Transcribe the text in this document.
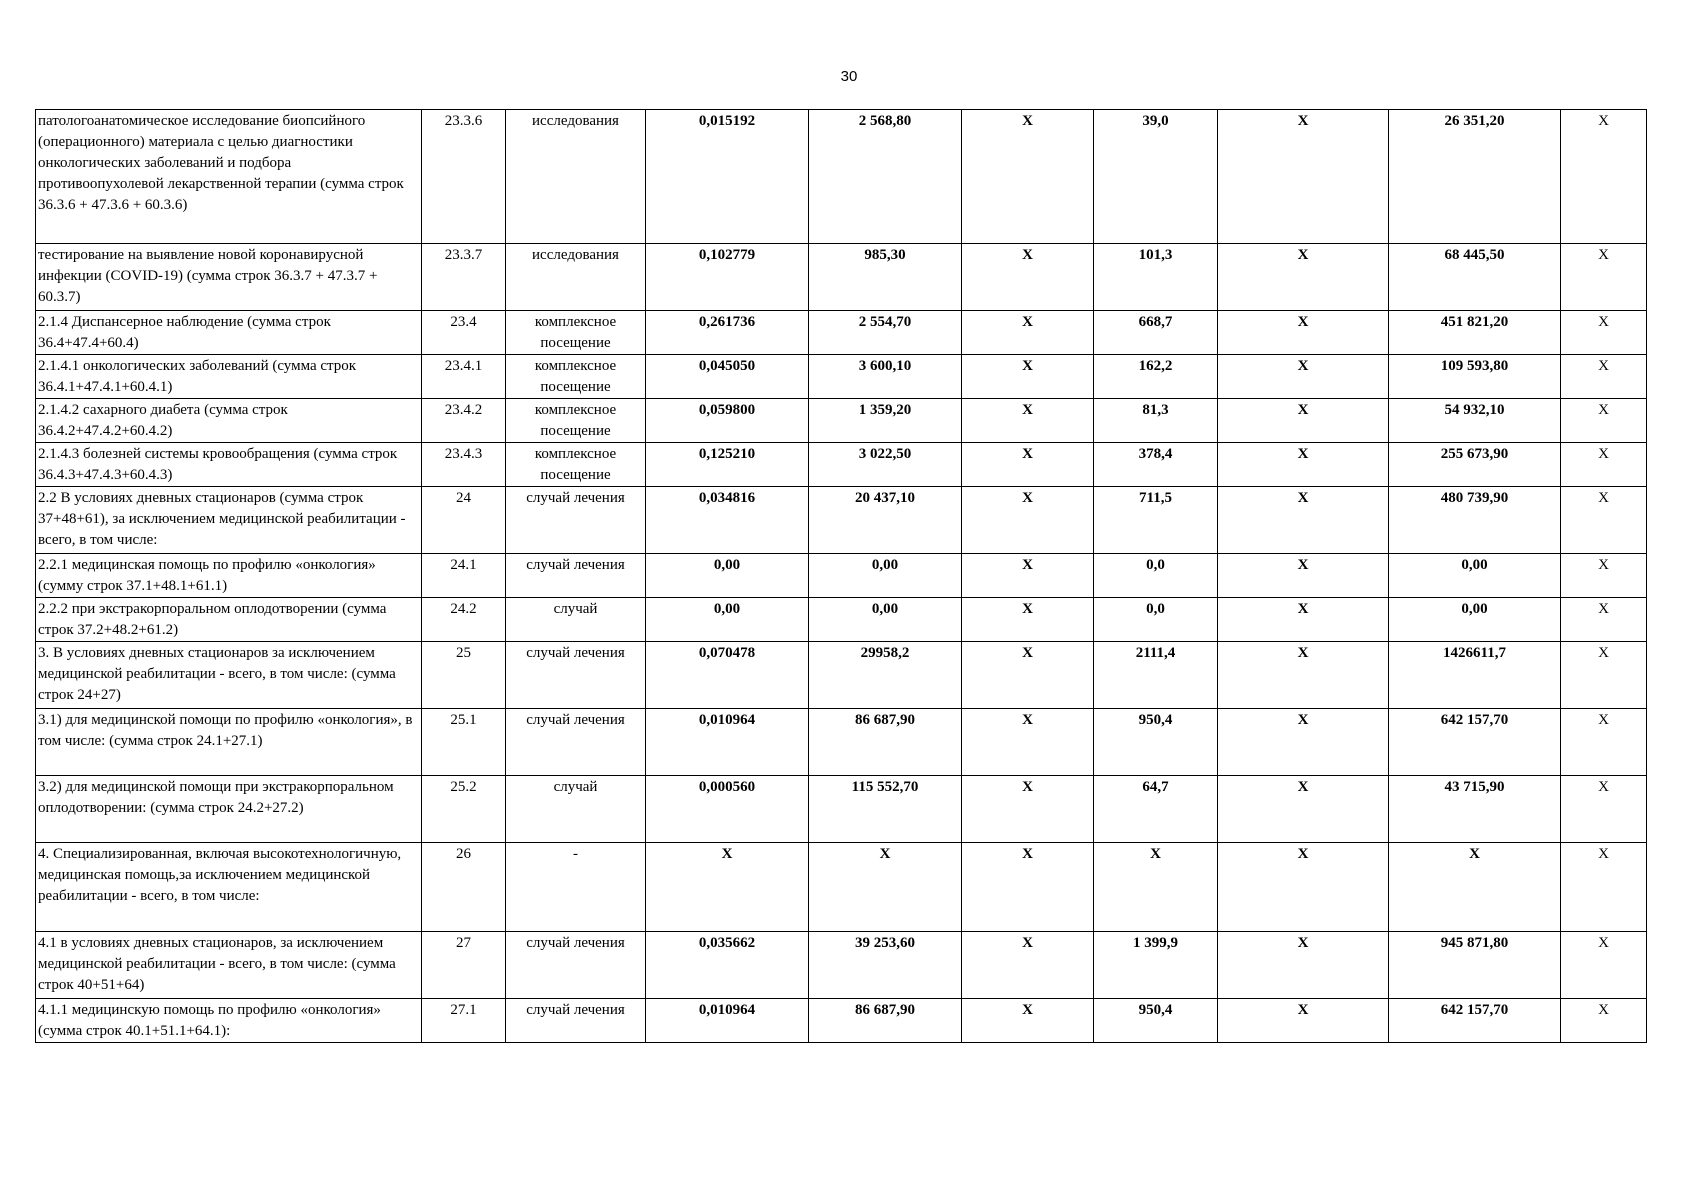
30
патологоанатомическое исследование биопсийного (операционного) материала с целью диагностики онкологических заболеваний и подбора противоопухолевой лекарственной терапии (сумма строк 36.3.6 + 47.3.6 + 60.3.6)	23.3.6	исследования	0,015192	2 568,80	X	39,0	X	26 351,20	X
тестирование на выявление новой коронавирусной инфекции (COVID-19) (сумма строк 36.3.7 + 47.3.7 + 60.3.7)	23.3.7	исследования	0,102779	985,30	X	101,3	X	68 445,50	X
2.1.4 Диспансерное наблюдение (сумма строк 36.4+47.4+60.4)	23.4	комплексное посещение	0,261736	2 554,70	X	668,7	X	451 821,20	X
2.1.4.1 онкологических заболеваний (сумма строк 36.4.1+47.4.1+60.4.1)	23.4.1	комплексное посещение	0,045050	3 600,10	X	162,2	X	109 593,80	X
2.1.4.2 сахарного диабета (сумма строк 36.4.2+47.4.2+60.4.2)	23.4.2	комплексное посещение	0,059800	1 359,20	X	81,3	X	54 932,10	X
2.1.4.3 болезней системы кровообращения (сумма строк 36.4.3+47.4.3+60.4.3)	23.4.3	комплексное посещение	0,125210	3 022,50	X	378,4	X	255 673,90	X
2.2 В условиях дневных стационаров (сумма строк 37+48+61), за исключением медицинской реабилитации - всего, в том числе:	24	случай лечения	0,034816	20 437,10	X	711,5	X	480 739,90	X
2.2.1 медицинская помощь по профилю «онкология» (сумму строк 37.1+48.1+61.1)	24.1	случай лечения	0,00	0,00	X	0,0	X	0,00	X
2.2.2 при экстракорпоральном оплодотворении (сумма строк 37.2+48.2+61.2)	24.2	случай	0,00	0,00	X	0,0	X	0,00	X
3. В условиях дневных стационаров за исключением медицинской реабилитации - всего, в том числе: (сумма строк 24+27)	25	случай лечения	0,070478	29958,2	X	2111,4	X	1426611,7	X
3.1) для медицинской помощи по профилю «онкология», в том числе: (сумма строк 24.1+27.1)	25.1	случай лечения	0,010964	86 687,90	X	950,4	X	642 157,70	X
3.2) для медицинской помощи при экстракорпоральном оплодотворении: (сумма строк 24.2+27.2)	25.2	случай	0,000560	115 552,70	X	64,7	X	43 715,90	X
4. Специализированная, включая высокотехнологичную, медицинская помощь,за исключением медицинской реабилитации - всего, в том числе:	26	-	X	X	X	X	X	X	X
4.1 в условиях дневных стационаров, за исключением медицинской реабилитации - всего, в том числе: (сумма строк 40+51+64)	27	случай лечения	0,035662	39 253,60	X	1 399,9	X	945 871,80	X
4.1.1 медицинскую помощь по профилю «онкология» (сумма строк 40.1+51.1+64.1):	27.1	случай лечения	0,010964	86 687,90	X	950,4	X	642 157,70	X
